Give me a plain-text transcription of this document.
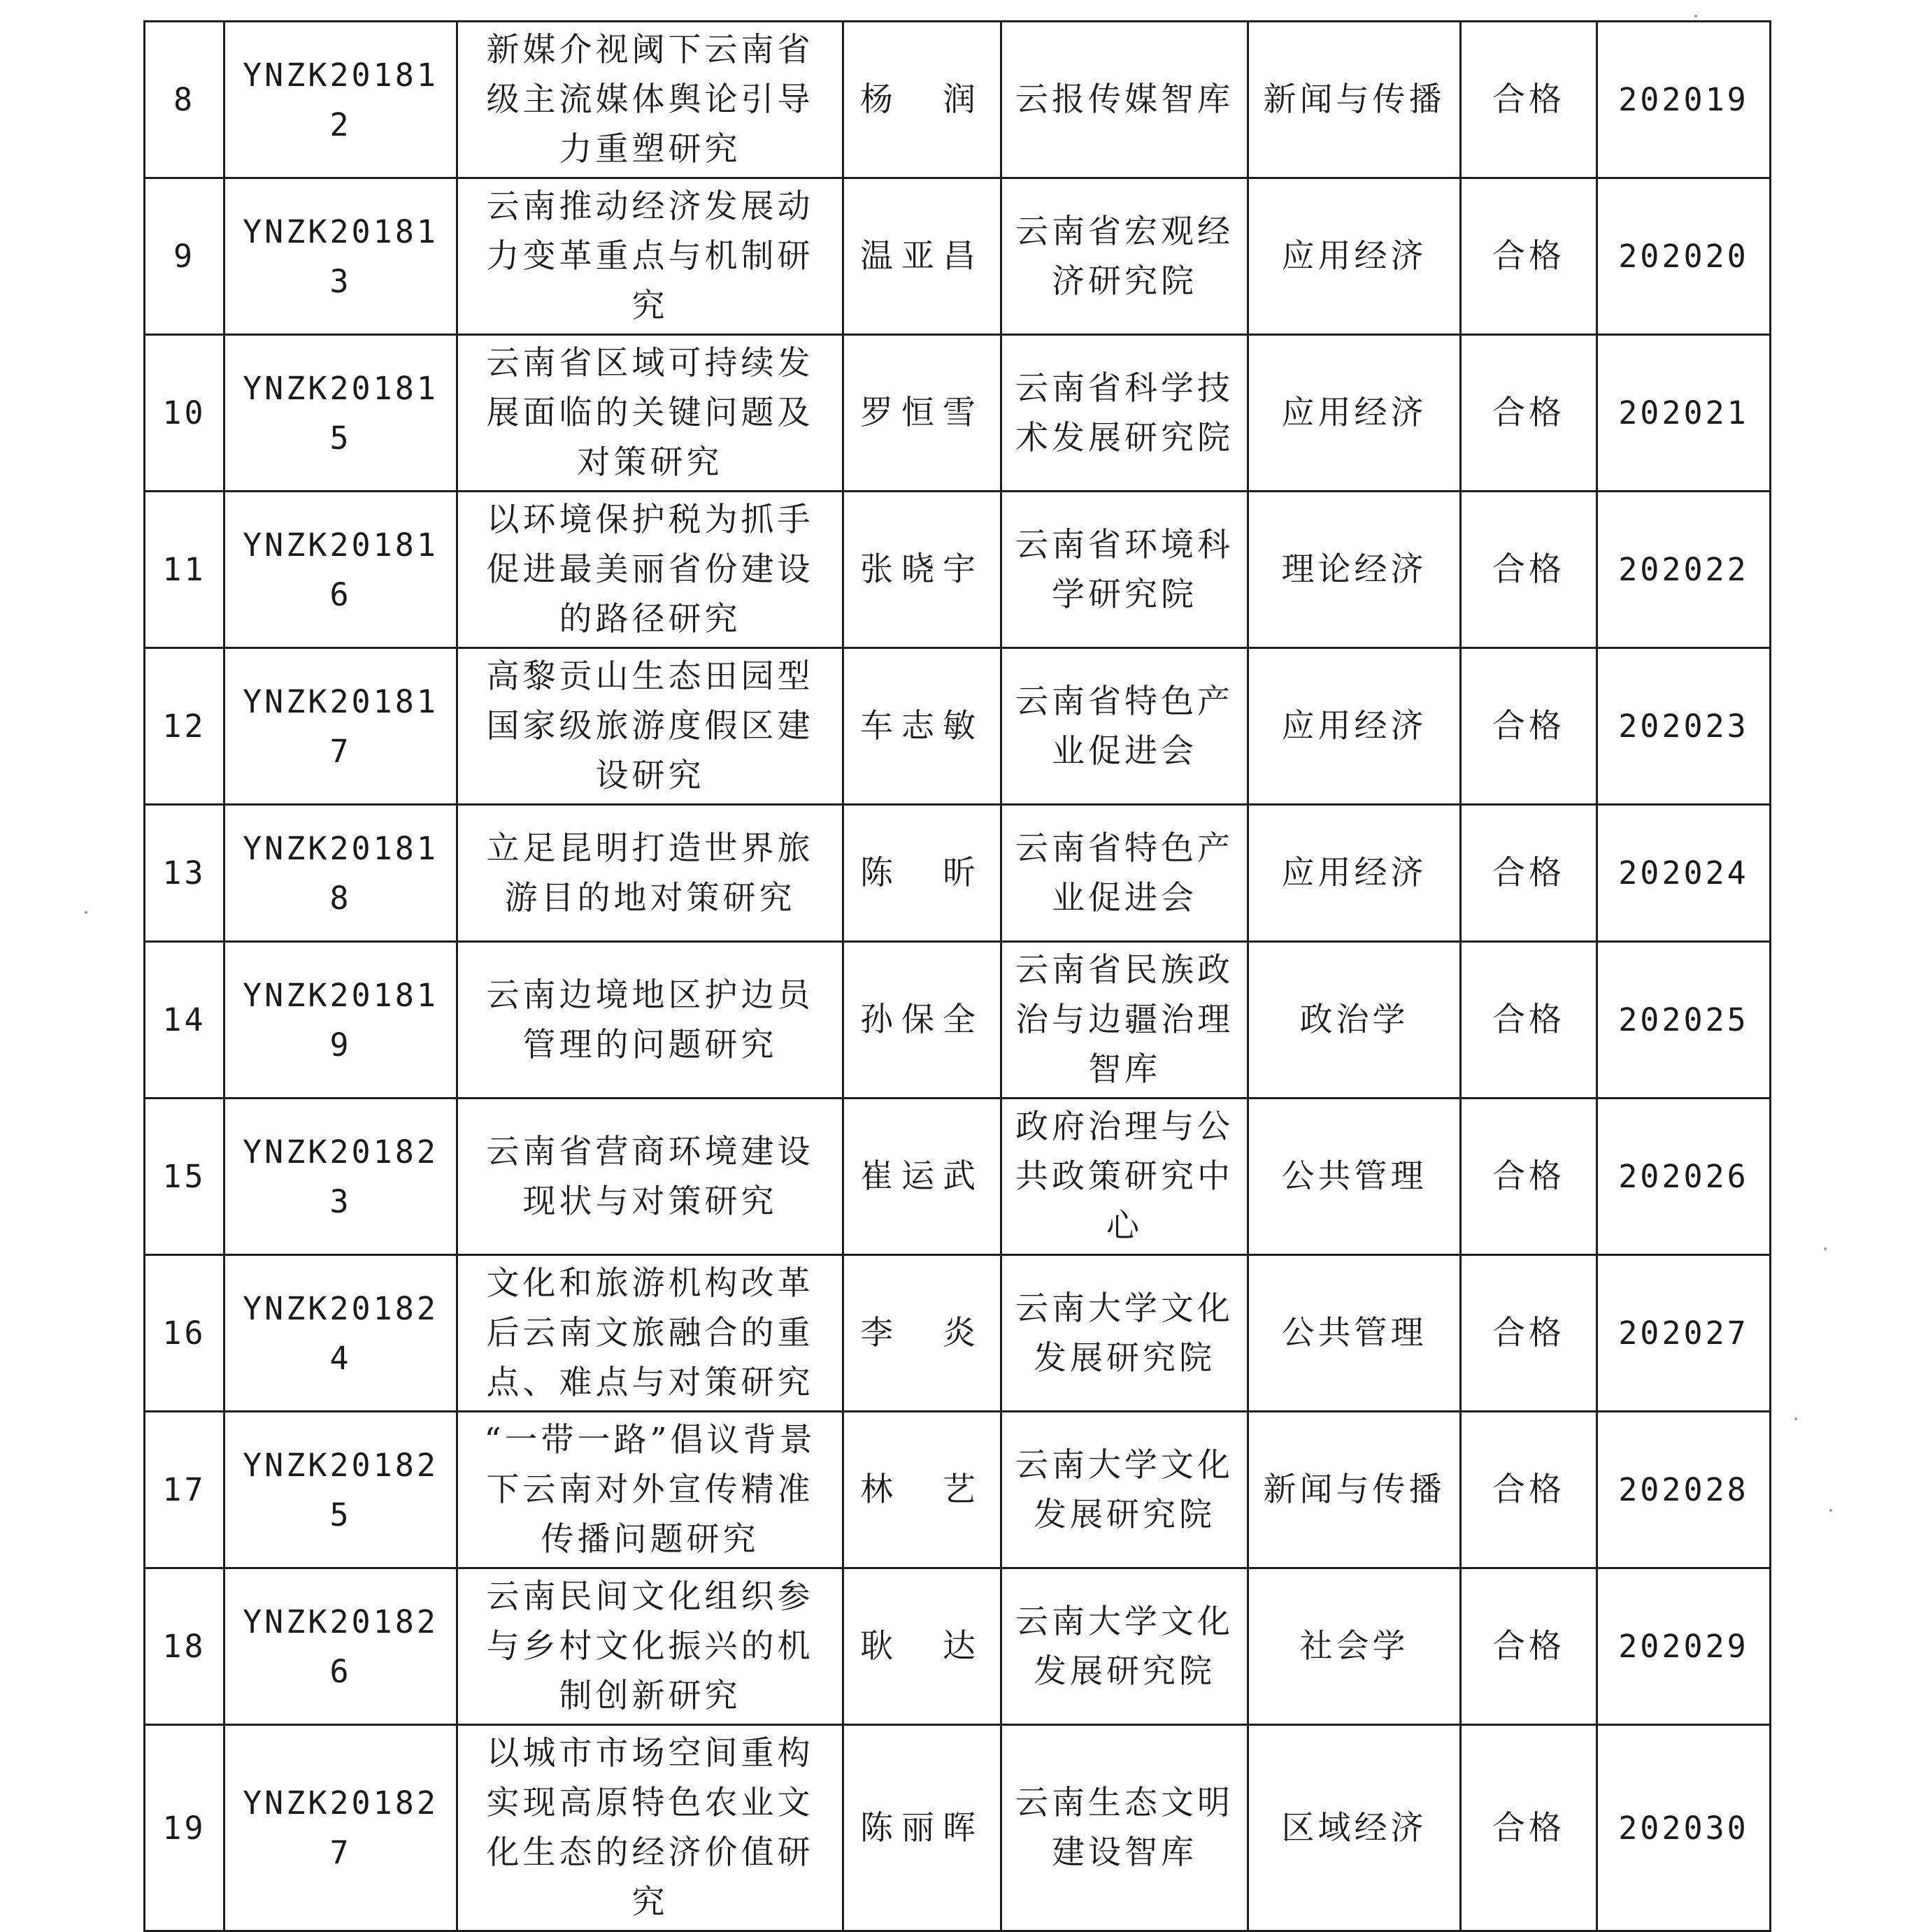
8	YNZK201812	新媒介视阈下云南省级主流媒体舆论引导力重塑研究	杨　润	云报传媒智库	新闻与传播	合格	202019
9	YNZK201813	云南推动经济发展动力变革重点与机制研究	温亚昌	云南省宏观经济研究院	应用经济	合格	202020
10	YNZK201815	云南省区域可持续发展面临的关键问题及对策研究	罗恒雪	云南省科学技术发展研究院	应用经济	合格	202021
11	YNZK201816	以环境保护税为抓手促进最美丽省份建设的路径研究	张晓宇	云南省环境科学研究院	理论经济	合格	202022
12	YNZK201817	高黎贡山生态田园型国家级旅游度假区建设研究	车志敏	云南省特色产业促进会	应用经济	合格	202023
13	YNZK201818	立足昆明打造世界旅游目的地对策研究	陈　昕	云南省特色产业促进会	应用经济	合格	202024
14	YNZK201819	云南边境地区护边员管理的问题研究	孙保全	云南省民族政治与边疆治理智库	政治学	合格	202025
15	YNZK201823	云南省营商环境建设现状与对策研究	崔运武	政府治理与公共政策研究中心	公共管理	合格	202026
16	YNZK201824	文化和旅游机构改革后云南文旅融合的重点、难点与对策研究	李　炎	云南大学文化发展研究院	公共管理	合格	202027
17	YNZK201825	“一带一路”倡议背景下云南对外宣传精准传播问题研究	林　艺	云南大学文化发展研究院	新闻与传播	合格	202028
18	YNZK201826	云南民间文化组织参与乡村文化振兴的机制创新研究	耿　达	云南大学文化发展研究院	社会学	合格	202029
19	YNZK201827	以城市市场空间重构实现高原特色农业文化生态的经济价值研究	陈丽晖	云南生态文明建设智库	区域经济	合格	202030
